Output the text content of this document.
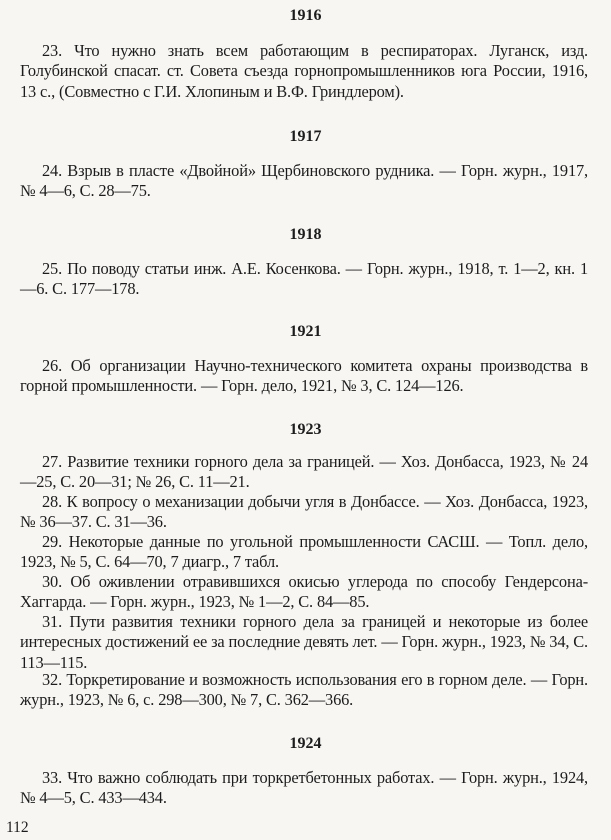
1916
23. Что нужно знать всем работающим в респираторах. Луганск, изд. Голубинской спасат. ст. Совета съезда горнопромышленников юга России, 1916, 13 с., (Совместно с Г.И. Хлопиным и В.Ф. Гриндлером).
1917
24. Взрыв в пласте «Двойной» Щербиновского рудника. — Горн. журн., 1917, № 4—6, С. 28—75.
1918
25. По поводу статьи инж. А.Е. Косенкова. — Горн. журн., 1918, т. 1—2, кн. 1—6. С. 177—178.
1921
26. Об организации Научно-технического комитета охраны производства в горной промышленности. — Горн. дело, 1921, № 3, С. 124—126.
1923
27. Развитие техники горного дела за границей. — Хоз. Донбасса, 1923, № 24—25, С. 20—31; № 26, С. 11—21.
28. К вопросу о механизации добычи угля в Донбассе. — Хоз. Донбасса, 1923, № 36—37. С. 31—36.
29. Некоторые данные по угольной промышленности САСШ. — Топл. дело, 1923, № 5, С. 64—70, 7 диагр., 7 табл.
30. Об оживлении отравившихся окисью углерода по способу Гендерсона-Хаггарда. — Горн. журн., 1923, № 1—2, С. 84—85.
31. Пути развития техники горного дела за границей и некоторые из более интересных достижений ее за последние девять лет. — Горн. журн., 1923, № 34, С. 113—115.
32. Торкретирование и возможность использования его в горном деле. — Горн. журн., 1923, № 6, с. 298—300, № 7, С. 362—366.
1924
33. Что важно соблюдать при торкретбетонных работах. — Горн. журн., 1924, № 4—5, С. 433—434.
112
